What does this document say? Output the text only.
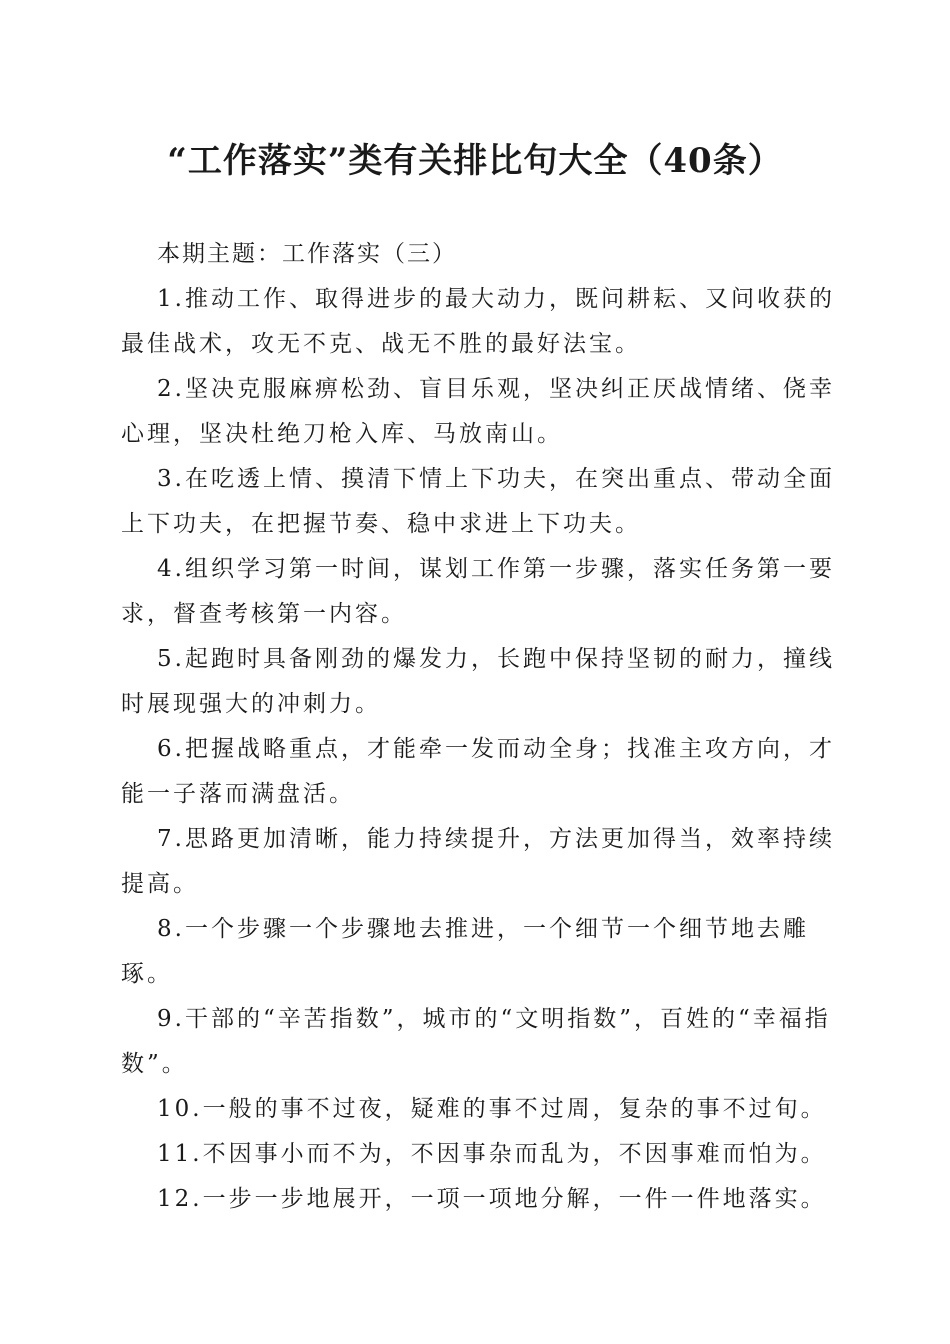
“工作落实”类有关排比句大全（40条）

本期主题：工作落实（三）

1.推动工作、取得进步的最大动力，既问耕耘、又问收获的最佳战术，攻无不克、战无不胜的最好法宝。

2.坚决克服麻痹松劲、盲目乐观，坚决纠正厌战情绪、侥幸心理，坚决杜绝刀枪入库、马放南山。

3.在吃透上情、摸清下情上下功夫，在突出重点、带动全面上下功夫，在把握节奏、稳中求进上下功夫。

4.组织学习第一时间，谋划工作第一步骤，落实任务第一要求，督查考核第一内容。

5.起跑时具备刚劲的爆发力，长跑中保持坚韧的耐力，撞线时展现强大的冲刺力。

6.把握战略重点，才能牵一发而动全身；找准主攻方向，才能一子落而满盘活。

7.思路更加清晰，能力持续提升，方法更加得当，效率持续提高。

8.一个步骤一个步骤地去推进，一个细节一个细节地去雕琢。

9.干部的“辛苦指数”，城市的“文明指数”，百姓的“幸福指数”。

10.一般的事不过夜，疑难的事不过周，复杂的事不过旬。

11.不因事小而不为，不因事杂而乱为，不因事难而怕为。

12.一步一步地展开，一项一项地分解，一件一件地落实。
